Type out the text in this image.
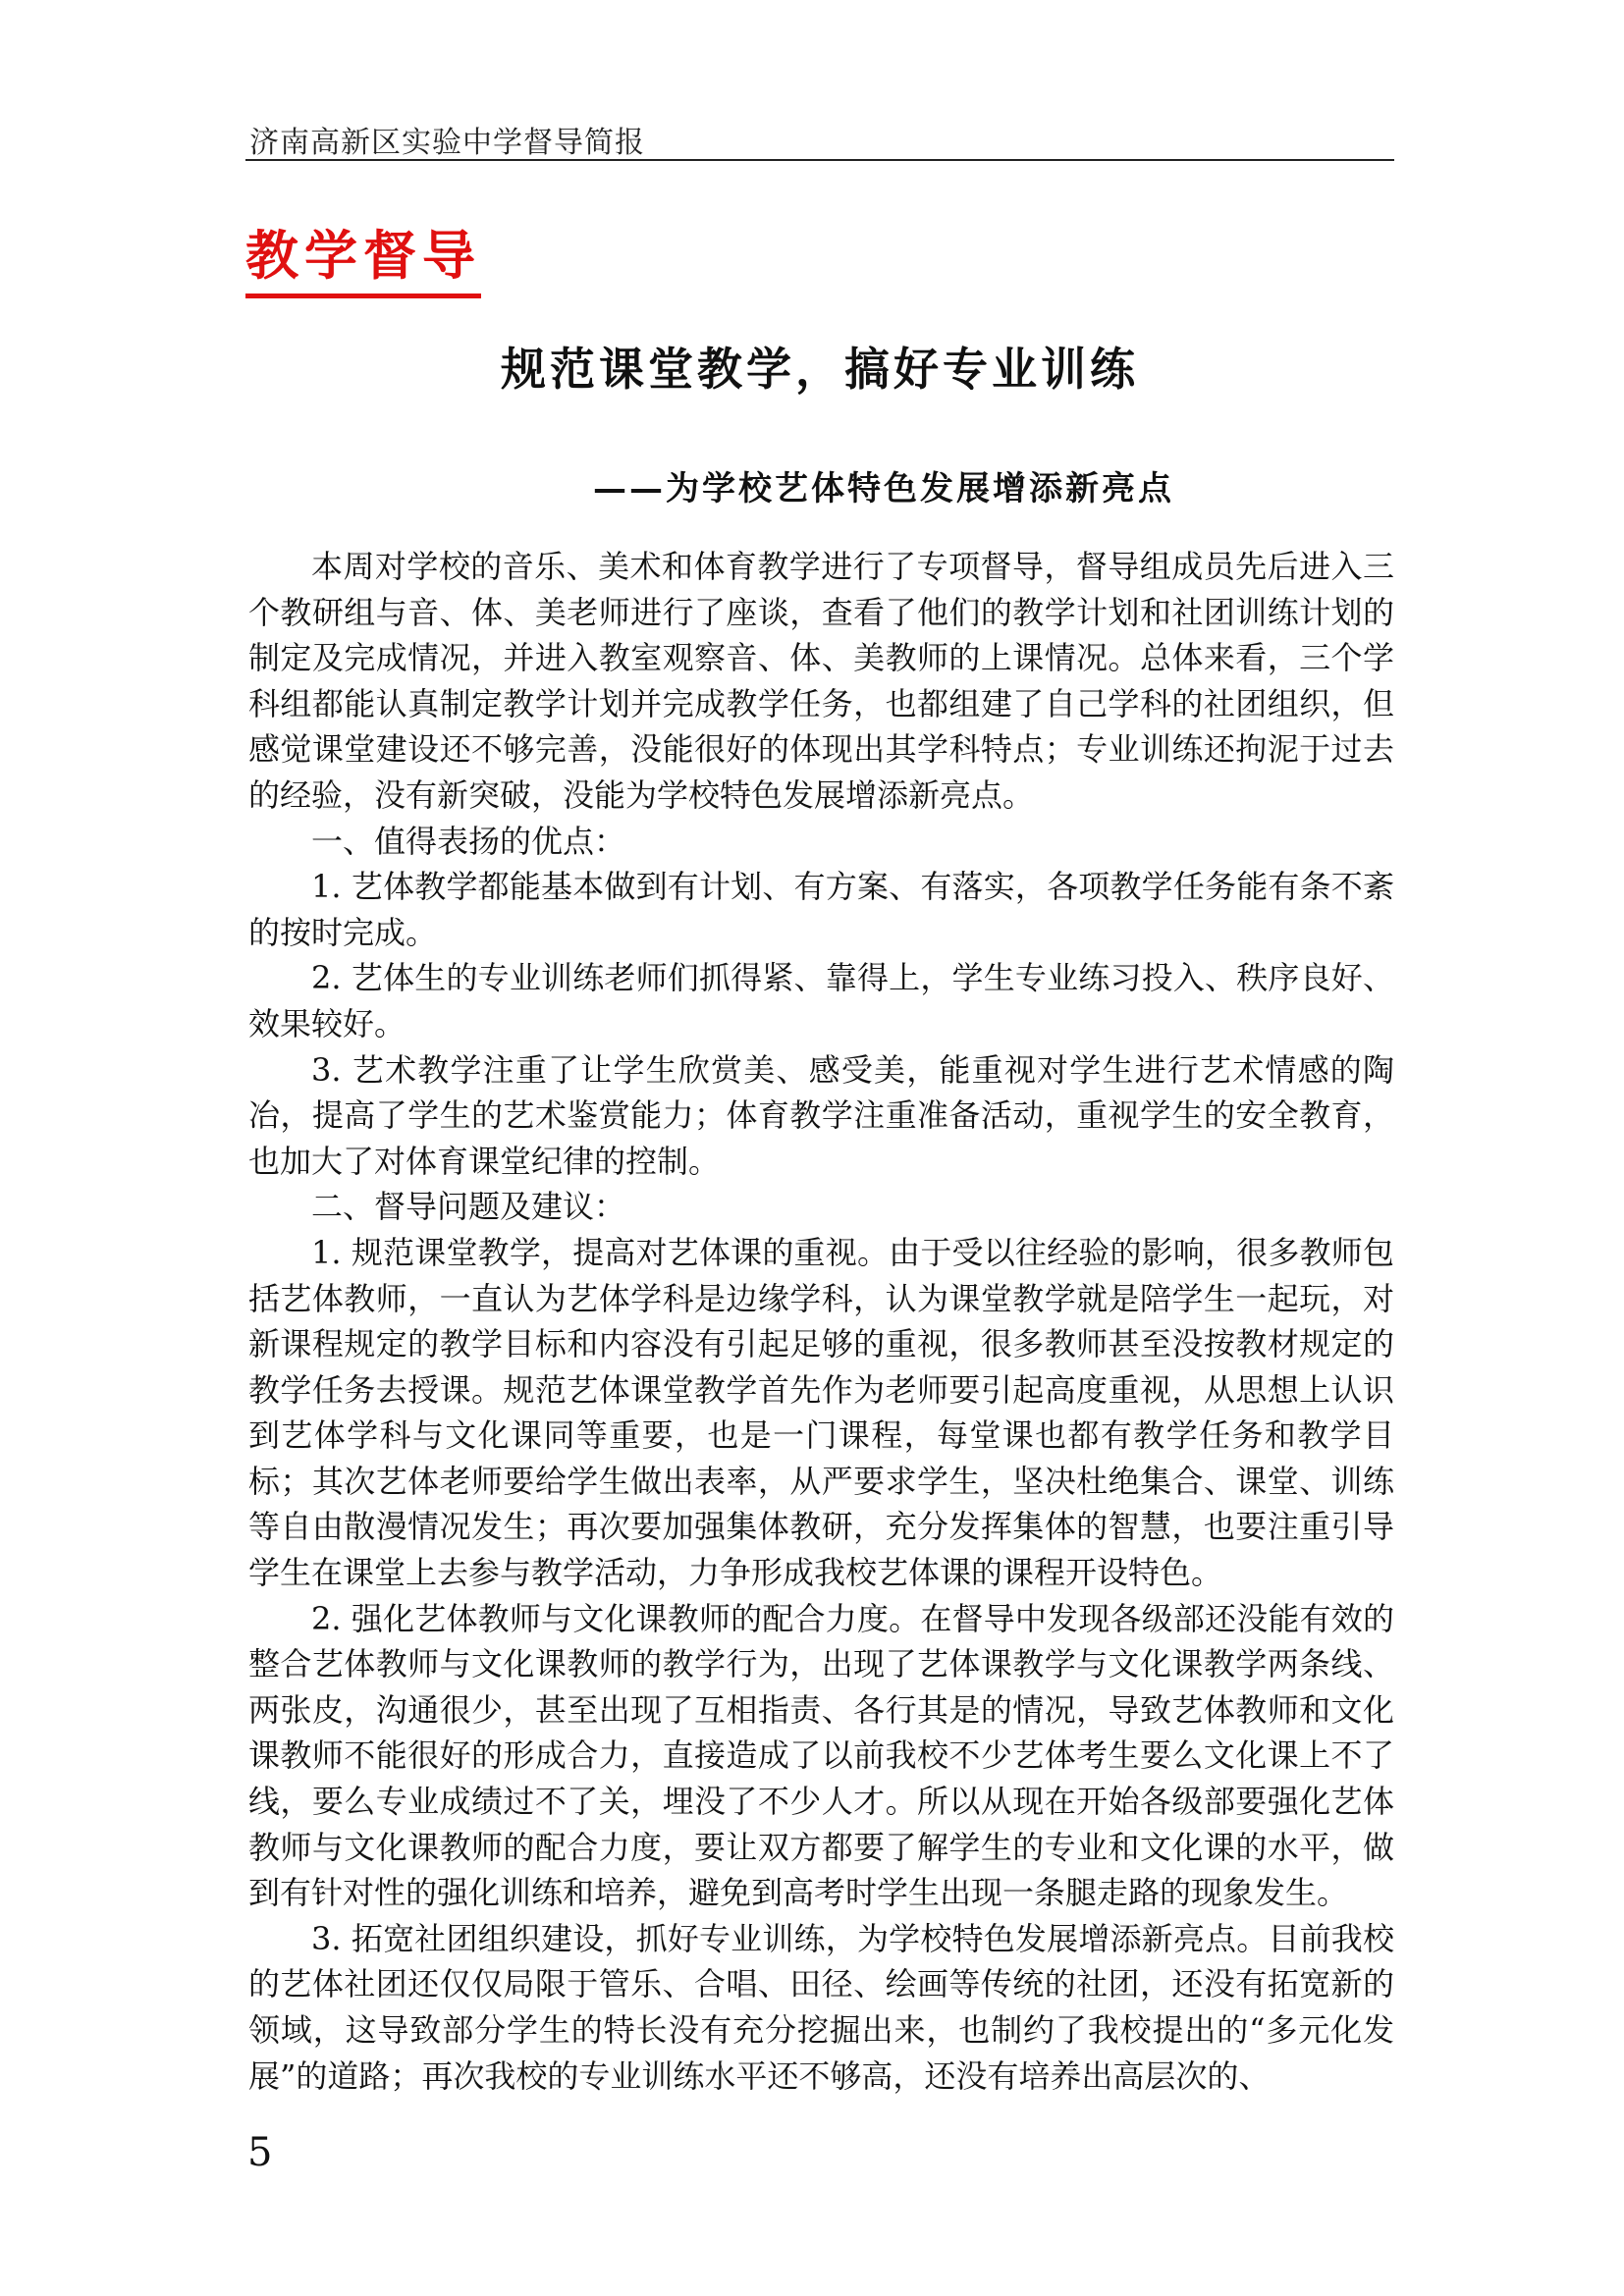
济南高新区实验中学督导简报
教学督导
规范课堂教学，搞好专业训练
——为学校艺体特色发展增添新亮点

本周对学校的音乐、美术和体育教学进行了专项督导，督导组成员先后进入三个教研组与音、体、美老师进行了座谈，查看了他们的教学计划和社团训练计划的制定及完成情况，并进入教室观察音、体、美教师的上课情况。总体来看，三个学科组都能认真制定教学计划并完成教学任务，也都组建了自己学科的社团组织，但感觉课堂建设还不够完善，没能很好的体现出其学科特点；专业训练还拘泥于过去的经验，没有新突破，没能为学校特色发展增添新亮点。

一、值得表扬的优点：

1. 艺体教学都能基本做到有计划、有方案、有落实，各项教学任务能有条不紊的按时完成。

2. 艺体生的专业训练老师们抓得紧、靠得上，学生专业练习投入、秩序良好、效果较好。

3. 艺术教学注重了让学生欣赏美、感受美，能重视对学生进行艺术情感的陶冶，提高了学生的艺术鉴赏能力；体育教学注重准备活动，重视学生的安全教育，也加大了对体育课堂纪律的控制。

二、督导问题及建议：

1. 规范课堂教学，提高对艺体课的重视。由于受以往经验的影响，很多教师包括艺体教师，一直认为艺体学科是边缘学科，认为课堂教学就是陪学生一起玩，对新课程规定的教学目标和内容没有引起足够的重视，很多教师甚至没按教材规定的教学任务去授课。规范艺体课堂教学首先作为老师要引起高度重视，从思想上认识到艺体学科与文化课同等重要，也是一门课程，每堂课也都有教学任务和教学目标；其次艺体老师要给学生做出表率，从严要求学生，坚决杜绝集合、课堂、训练等自由散漫情况发生；再次要加强集体教研，充分发挥集体的智慧，也要注重引导学生在课堂上去参与教学活动，力争形成我校艺体课的课程开设特色。

2. 强化艺体教师与文化课教师的配合力度。在督导中发现各级部还没能有效的整合艺体教师与文化课教师的教学行为，出现了艺体课教学与文化课教学两条线、两张皮，沟通很少，甚至出现了互相指责、各行其是的情况，导致艺体教师和文化课教师不能很好的形成合力，直接造成了以前我校不少艺体考生要么文化课上不了线，要么专业成绩过不了关，埋没了不少人才。所以从现在开始各级部要强化艺体教师与文化课教师的配合力度，要让双方都要了解学生的专业和文化课的水平，做到有针对性的强化训练和培养，避免到高考时学生出现一条腿走路的现象发生。

3. 拓宽社团组织建设，抓好专业训练，为学校特色发展增添新亮点。目前我校的艺体社团还仅仅局限于管乐、合唱、田径、绘画等传统的社团，还没有拓宽新的领域，这导致部分学生的特长没有充分挖掘出来，也制约了我校提出的“多元化发展”的道路；再次我校的专业训练水平还不够高，还没有培养出高层次的、

5
